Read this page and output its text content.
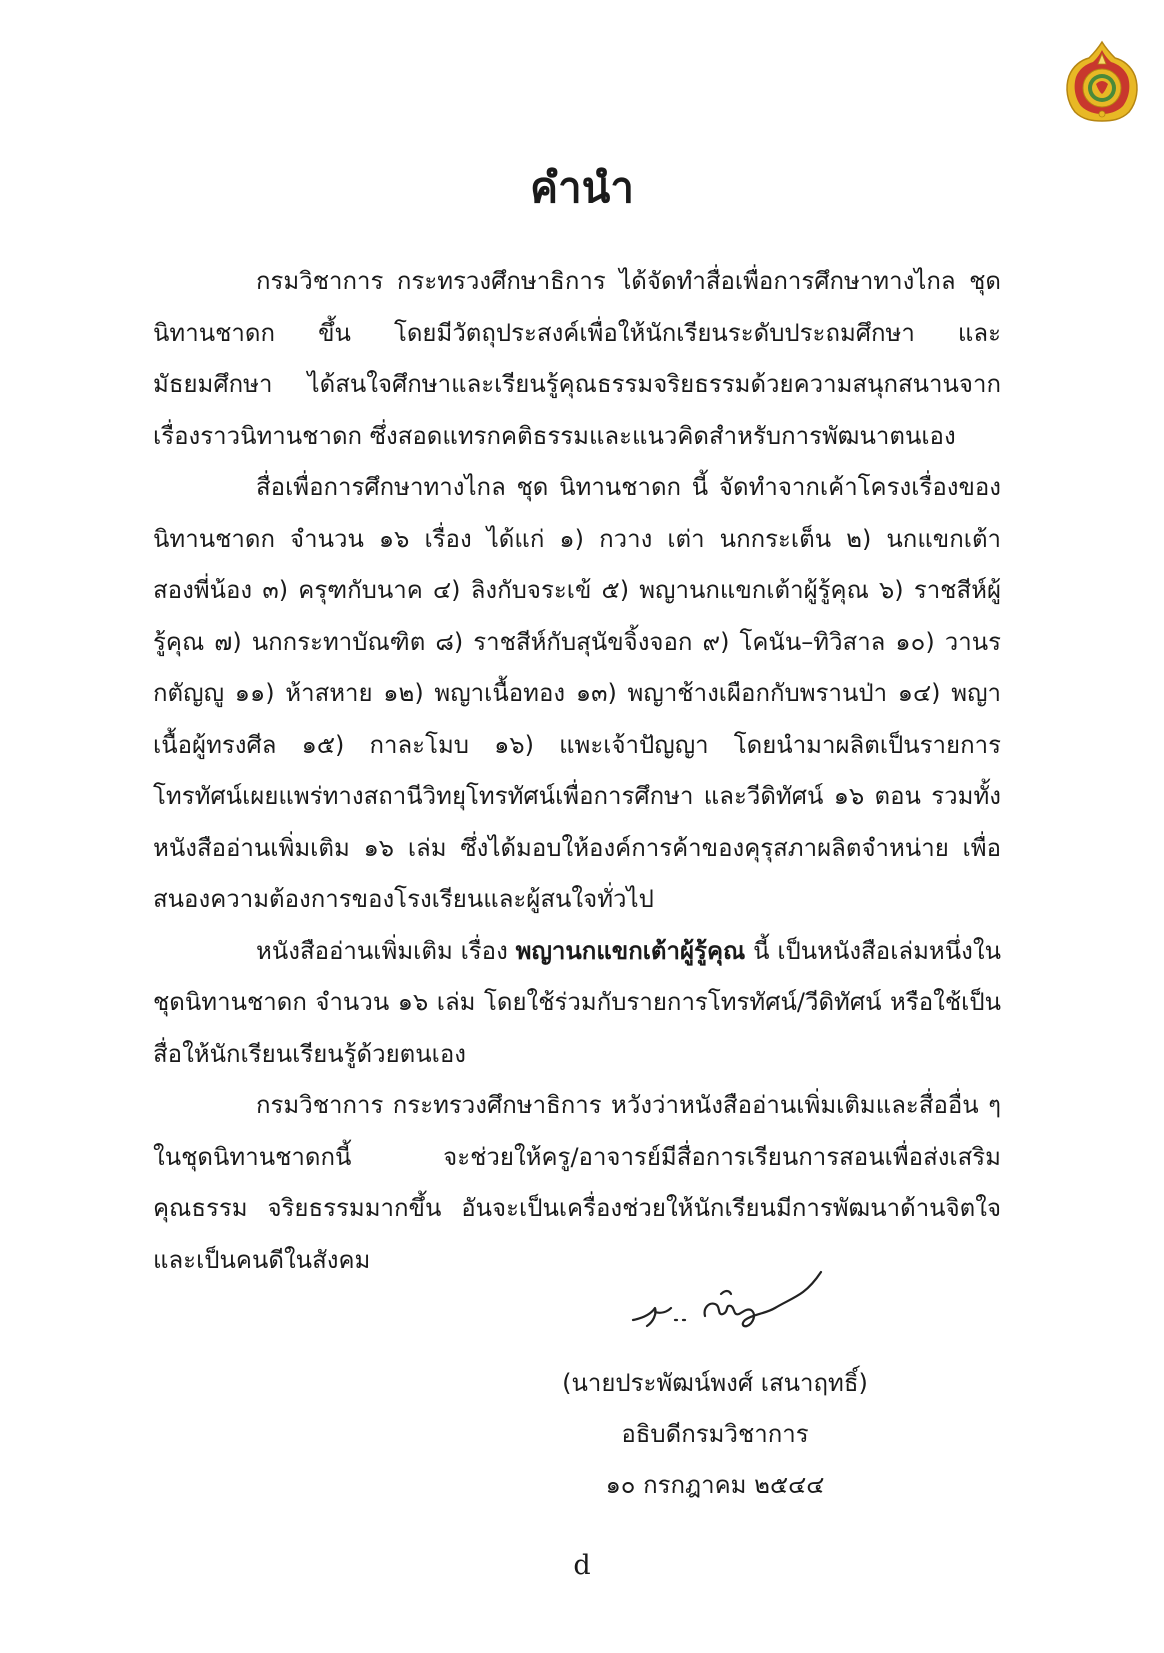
คำนำ

กรมวิชาการ กระทรวงศึกษาธิการ ได้จัดทำสื่อเพื่อการศึกษาทางไกล ชุด นิทานชาดก ขึ้น โดยมีวัตถุประสงค์เพื่อให้นักเรียนระดับประถมศึกษา และมัธยมศึกษา ได้สนใจศึกษาและเรียนรู้คุณธรรมจริยธรรมด้วยความสนุกสนานจากเรื่องราวนิทานชาดก ซึ่งสอดแทรกคติธรรมและแนวคิดสำหรับการพัฒนาตนเอง

สื่อเพื่อการศึกษาทางไกล ชุด นิทานชาดก นี้ จัดทำจากเค้าโครงเรื่องของนิทานชาดก จำนวน ๑๖ เรื่อง ได้แก่ ๑) กวาง เต่า นกกระเต็น ๒) นกแขกเต้าสองพี่น้อง ๓) ครุฑกับนาค ๔) ลิงกับจระเข้ ๕) พญานกแขกเต้าผู้รู้คุณ ๖) ราชสีห์ผู้รู้คุณ ๗) นกกระทาบัณฑิต ๘) ราชสีห์กับสุนัขจิ้งจอก ๙) โคนัน–ทิวิสาล ๑๐) วานรกตัญญู ๑๑) ห้าสหาย ๑๒) พญาเนื้อทอง ๑๓) พญาช้างเผือกกับพรานป่า ๑๔) พญาเนื้อผู้ทรงศีล ๑๕) กาละโมบ ๑๖) แพะเจ้าปัญญา โดยนำมาผลิตเป็นรายการโทรทัศน์เผยแพร่ทางสถานีวิทยุโทรทัศน์เพื่อการศึกษา และวีดิทัศน์ ๑๖ ตอน รวมทั้งหนังสืออ่านเพิ่มเติม ๑๖ เล่ม ซึ่งได้มอบให้องค์การค้าของคุรุสภาผลิตจำหน่าย เพื่อสนองความต้องการของโรงเรียนและผู้สนใจทั่วไป

หนังสืออ่านเพิ่มเติม เรื่อง พญานกแขกเต้าผู้รู้คุณ นี้ เป็นหนังสือเล่มหนึ่งในชุดนิทานชาดก จำนวน ๑๖ เล่ม โดยใช้ร่วมกับรายการโทรทัศน์/วีดิทัศน์ หรือใช้เป็นสื่อให้นักเรียนเรียนรู้ด้วยตนเอง

กรมวิชาการ กระทรวงศึกษาธิการ หวังว่าหนังสืออ่านเพิ่มเติมและสื่ออื่น ๆ ในชุดนิทานชาดกนี้ จะช่วยให้ครู/อาจารย์มีสื่อการเรียนการสอนเพื่อส่งเสริมคุณธรรม จริยธรรมมากขึ้น อันจะเป็นเครื่องช่วยให้นักเรียนมีการพัฒนาด้านจิตใจ และเป็นคนดีในสังคม

(นายประพัฒน์พงศ์ เสนาฤทธิ์)
อธิบดีกรมวิชาการ
๑๐ กรกฎาคม ๒๕๔๔
d
